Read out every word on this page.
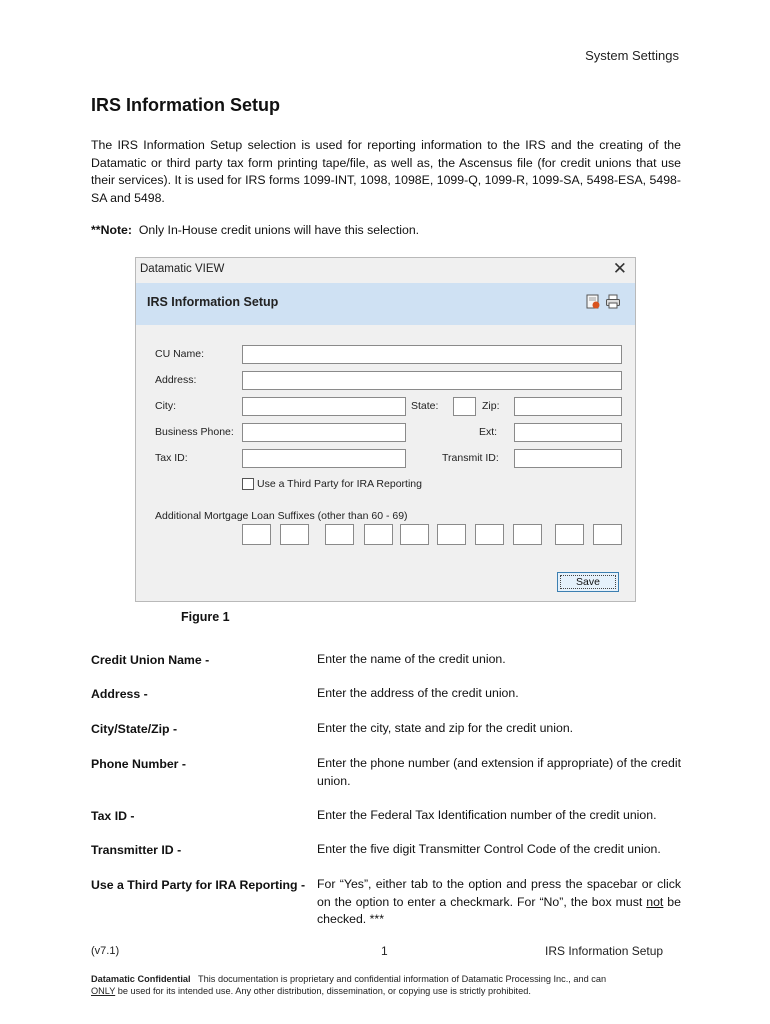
System Settings
IRS Information Setup
The IRS Information Setup selection is used for reporting information to the IRS and the creating of the Datamatic or third party tax form printing tape/file, as well as, the Ascensus file (for credit unions that use their services). It is used for IRS forms 1099-INT, 1098, 1098E, 1099-Q, 1099-R, 1099-SA, 5498-ESA, 5498-SA and 5498.
**Note: Only In-House credit unions will have this selection.
Datamatic VIEW	✕
IRS Information Setup
CU Name:
Address:
City:	State:	Zip:
Business Phone:	Ext:
Tax ID:	Transmit ID:
Use a Third Party for IRA Reporting
Additional Mortgage Loan Suffixes (other than 60 - 69)
Save
Figure 1
Credit Union Name -	Enter the name of the credit union.
Address -	Enter the address of the credit union.
City/State/Zip -	Enter the city, state and zip for the credit union.
Phone Number -	Enter the phone number (and extension if appropriate) of the credit union.
Tax ID -	Enter the Federal Tax Identification number of the credit union.
Transmitter ID -	Enter the five digit Transmitter Control Code of the credit union.
Use a Third Party for IRA Reporting - For “Yes”, either tab to the option and press the spacebar or click on the option to enter a checkmark. For “No”, the box must not be checked. ***
(v7.1)	1	IRS Information Setup
Datamatic Confidential This documentation is proprietary and confidential information of Datamatic Processing Inc., and can
ONLY be used for its intended use. Any other distribution, dissemination, or copying use is strictly prohibited.
